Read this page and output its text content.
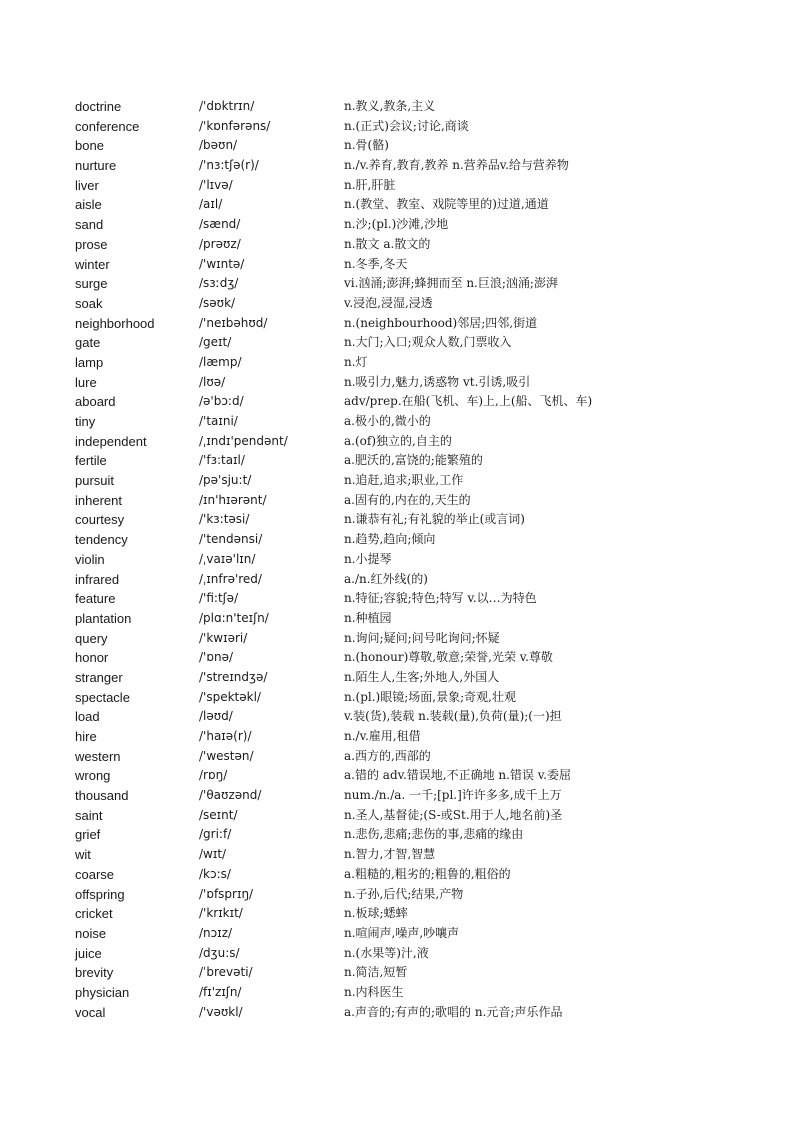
doctrine	/'dɒktrɪn/	n.教义,教条,主义
conference	/'kɒnfərəns/	n.(正式)会议;讨论,商谈
bone	/bəʊn/	n.骨(骼)
nurture	/'nɜ:tʃə(r)/	n./v.养育,教育,教养 n.营养品v.给与营养物
liver	/'lɪvə/	n.肝,肝脏
aisle	/aɪl/	n.(教堂、教室、戏院等里的)过道,通道
sand	/sænd/	n.沙;(pl.)沙滩,沙地
prose	/prəʊz/	n.散文 a.散文的
winter	/'wɪntə/	n.冬季,冬天
surge	/sɜːdʒ/	vi.汹涌;澎湃;蜂拥而至 n.巨浪;汹涌;澎湃
soak	/səʊk/	v.浸泡,浸湿,浸透
neighborhood	/'neɪbəhʊd/	n.(neighbourhood)邻居;四邻,街道
gate	/geɪt/	n.大门;入口;观众人数,门票收入
lamp	/læmp/	n.灯
lure	/lʊə/	n.吸引力,魅力,诱惑物 vt.引诱,吸引
aboard	/ə'bɔ:d/	adv/prep.在船(飞机、车)上,上(船、飞机、车)
tiny	/'taɪni/	a.极小的,微小的
independent	/ˌɪndɪ'pendənt/	a.(of)独立的,自主的
fertile	/'fɜ:taɪl/	a.肥沃的,富饶的;能繁殖的
pursuit	/pə'sju:t/	n.追赶,追求;职业,工作
inherent	/ɪn'hɪərənt/	a.固有的,内在的,天生的
courtesy	/'kɜ:təsi/	n.谦恭有礼;有礼貌的举止(或言词)
tendency	/'tendənsi/	n.趋势,趋向;倾向
violin	/ˌvaɪə'lɪn/	n.小提琴
infrared	/ˌɪnfrə'red/	a./n.红外线(的)
feature	/'fi:tʃə/	n.特征;容貌;特色;特写 v.以…为特色
plantation	/plɑ:n'teɪʃn/	n.种植园
query	/'kwɪəri/	n.询问;疑问;问号叱询问;怀疑
honor	/'ɒnə/	n.(honour)尊敬,敬意;荣誉,光荣 v.尊敬
stranger	/'streɪndʒə/	n.陌生人,生客;外地人,外国人
spectacle	/'spektəkl/	n.(pl.)眼镜;场面,景象;奇观,壮观
load	/ləʊd/	v.装(货),装载 n.装载(量),负荷(量);(一)担
hire	/'haɪə(r)/	n./v.雇用,租借
western	/'westən/	a.西方的,西部的
wrong	/rɒŋ/	a.错的 adv.错误地,不正确地 n.错误 v.委屈
thousand	/'θaʊzənd/	num./n./a. 一千;[pl.]许许多多,成千上万
saint	/seɪnt/	n.圣人,基督徒;(S-或St.用于人,地名前)圣
grief	/gri:f/	n.悲伤,悲痛;悲伤的事,悲痛的缘由
wit	/wɪt/	n.智力,才智,智慧
coarse	/kɔ:s/	a.粗糙的,粗劣的;粗鲁的,粗俗的
offspring	/'ɒfsprɪŋ/	n.子孙,后代;结果,产物
cricket	/'krɪkɪt/	n.板球;蟋蟀
noise	/nɔɪz/	n.喧闹声,噪声,吵嚷声
juice	/dʒu:s/	n.(水果等)汁,液
brevity	/ˈbrevəti/	n.简洁,短暂
physician	/fɪ'zɪʃn/	n.内科医生
vocal	/'vəʊkl/	a.声音的;有声的;歌唱的 n.元音;声乐作品
